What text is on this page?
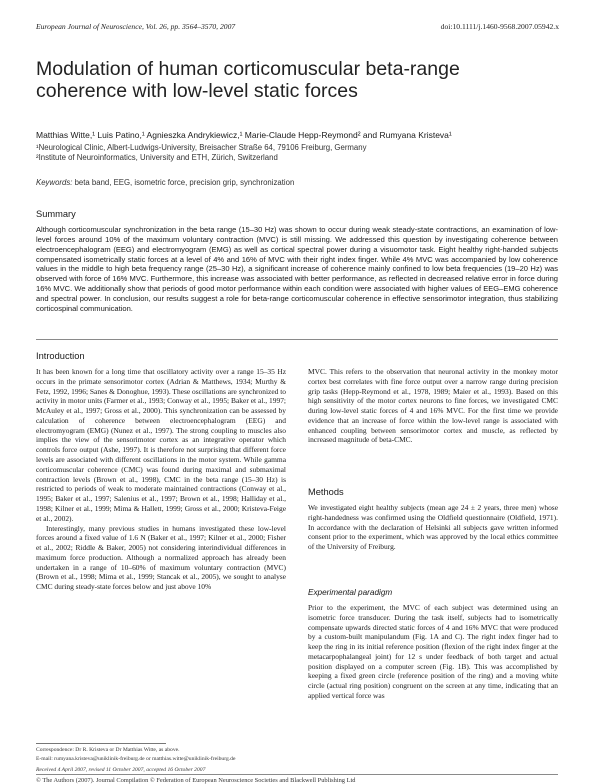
European Journal of Neuroscience, Vol. 26, pp. 3564–3570, 2007	doi:10.1111/j.1460-9568.2007.05942.x
Modulation of human corticomuscular beta-range coherence with low-level static forces
Matthias Witte,¹ Luis Patino,¹ Agnieszka Andrykiewicz,¹ Marie-Claude Hepp-Reymond² and Rumyana Kristeva¹
¹Neurological Clinic, Albert-Ludwigs-University, Breisacher Straße 64, 79106 Freiburg, Germany
²Institute of Neuroinformatics, University and ETH, Zürich, Switzerland
Keywords: beta band, EEG, isometric force, precision grip, synchronization
Summary
Although corticomuscular synchronization in the beta range (15–30 Hz) was shown to occur during weak steady-state contractions, an examination of low-level forces around 10% of the maximum voluntary contraction (MVC) is still missing. We addressed this question by investigating coherence between electroencephalogram (EEG) and electromyogram (EMG) as well as cortical spectral power during a visuomotor task. Eight healthy right-handed subjects compensated isometrically static forces at a level of 4% and 16% of MVC with their right index finger. While 4% MVC was accompanied by low coherence values in the middle to high beta frequency range (25–30 Hz), a significant increase of coherence mainly confined to low beta frequencies (19–20 Hz) was observed with force of 16% MVC. Furthermore, this increase was associated with better performance, as reflected in decreased relative error in force during 16% MVC. We additionally show that periods of good motor performance within each condition were associated with higher values of EEG–EMG coherence and spectral power. In conclusion, our results suggest a role for beta-range corticomuscular coherence in effective sensorimotor integration, thus stabilizing corticospinal communication.
Introduction

It has been known for a long time that oscillatory activity over a range 15–35 Hz occurs in the primate sensorimotor cortex (Adrian & Matthews, 1934; Murthy & Fetz, 1992, 1996; Sanes & Donoghue, 1993). These oscillations are synchronized to activity in motor units (Farmer et al., 1993; Conway et al., 1995; Baker et al., 1997; McAuley et al., 1997; Gross et al., 2000). This synchronization can be assessed by calculation of coherence between electroencephalogram (EEG) and electromyogram (EMG) (Nunez et al., 1997). The strong coupling to muscles also implies the view of the sensorimotor cortex as an integrative operator which controls force output (Ashe, 1997). It is therefore not surprising that different force levels are associated with different oscillations in the motor system. While gamma corticomuscular coherence (CMC) was found during maximal and submaximal contraction levels (Brown et al., 1998), CMC in the beta range (15–30 Hz) is restricted to periods of weak to moderate maintained contractions (Conway et al., 1995; Baker et al., 1997; Salenius et al., 1997; Brown et al., 1998; Halliday et al., 1998; Kilner et al., 1999; Mima & Hallett, 1999; Gross et al., 2000; Kristeva-Feige et al., 2002).

Interestingly, many previous studies in humans investigated these low-level forces around a fixed value of 1.6 N (Baker et al., 1997; Kilner et al., 2000; Fisher et al., 2002; Riddle & Baker, 2005) not considering interindividual differences in maximum force production. Although a normalized approach has already been undertaken in a range of 10–60% of maximum voluntary contraction (MVC) (Brown et al., 1998; Mima et al., 1999; Stancak et al., 2005), we sought to analyse CMC during steady-state forces below and just above 10%

MVC. This refers to the observation that neuronal activity in the monkey motor cortex best correlates with fine force output over a narrow range during precision grip tasks (Hepp-Reymond et al., 1978, 1989; Maier et al., 1993). Based on this high sensitivity of the motor cortex neurons to fine forces, we investigated CMC during low-level static forces of 4 and 16% MVC. For the first time we provide evidence that an increase of force within the low-level range is associated with enhanced coupling between sensorimotor cortex and muscle, as reflected by increased magnitude of beta-CMC.

Methods
We investigated eight healthy subjects (mean age 24 ± 2 years, three men) whose right-handedness was confirmed using the Oldfield questionnaire (Oldfield, 1971). In accordance with the declaration of Helsinki all subjects gave written informed consent prior to the experiment, which was approved by the local ethics committee of the University of Freiburg.
Experimental paradigm
Prior to the experiment, the MVC of each subject was determined using an isometric force transducer. During the task itself, subjects had to isometrically compensate upwards directed static forces of 4 and 16% MVC that were produced by a custom-built manipulandum (Fig. 1A and C). The right index finger had to keep the ring in its initial reference position (flexion of the right index finger at the metacarpophalangeal joint) for 12 s under feedback of both target and actual position displayed on a computer screen (Fig. 1B). This was accomplished by keeping a fixed green circle (reference position of the ring) and a moving white circle (actual ring position) congruent on the screen at any time, indicating that an applied vertical force was
Correspondence: Dr R. Kristeva or Dr Matthias Witte, as above.
E-mail: rumyana.kristeva@uniklinik-freiburg.de or matthias.witte@uniklinik-freiburg.de
Received 4 April 2007, revised 11 October 2007, accepted 16 October 2007
© The Authors (2007). Journal Compilation © Federation of European Neuroscience Societies and Blackwell Publishing Ltd
